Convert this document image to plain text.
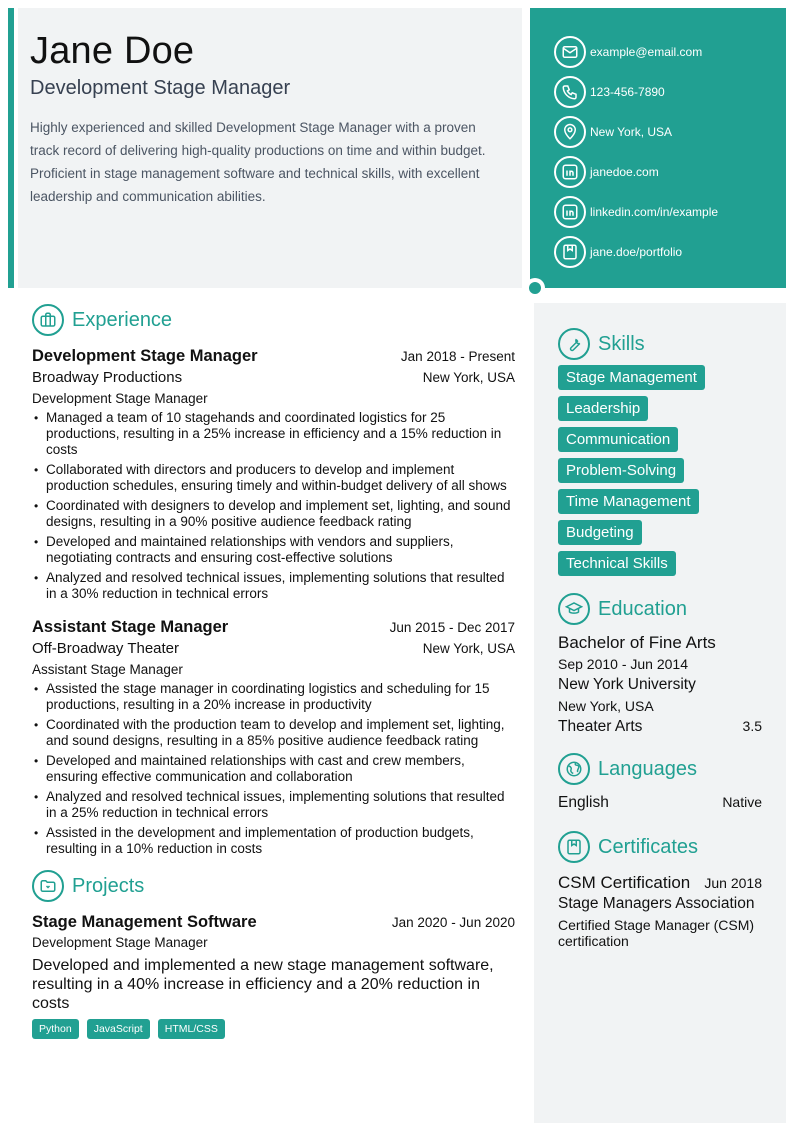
Jane Doe
Development Stage Manager
Highly experienced and skilled Development Stage Manager with a proven track record of delivering high-quality productions on time and within budget. Proficient in stage management software and technical skills, with excellent leadership and communication abilities.
example@email.com
123-456-7890
New York, USA
janedoe.com
linkedin.com/in/example
jane.doe/portfolio
Experience
Development Stage Manager	Jan 2018 - Present
Broadway Productions	New York, USA
Development Stage Manager
• Managed a team of 10 stagehands and coordinated logistics for 25 productions, resulting in a 25% increase in efficiency and a 15% reduction in costs
• Collaborated with directors and producers to develop and implement production schedules, ensuring timely and within-budget delivery of all shows
• Coordinated with designers to develop and implement set, lighting, and sound designs, resulting in a 90% positive audience feedback rating
• Developed and maintained relationships with vendors and suppliers, negotiating contracts and ensuring cost-effective solutions
• Analyzed and resolved technical issues, implementing solutions that resulted in a 30% reduction in technical errors
Assistant Stage Manager	Jun 2015 - Dec 2017
Off-Broadway Theater	New York, USA
Assistant Stage Manager
• Assisted the stage manager in coordinating logistics and scheduling for 15 productions, resulting in a 20% increase in productivity
• Coordinated with the production team to develop and implement set, lighting, and sound designs, resulting in a 85% positive audience feedback rating
• Developed and maintained relationships with cast and crew members, ensuring effective communication and collaboration
• Analyzed and resolved technical issues, implementing solutions that resulted in a 25% reduction in technical errors
• Assisted in the development and implementation of production budgets, resulting in a 10% reduction in costs
Projects
Stage Management Software	Jan 2020 - Jun 2020
Development Stage Manager
Developed and implemented a new stage management software, resulting in a 40% increase in efficiency and a 20% reduction in costs
Python	JavaScript	HTML/CSS
Skills
Stage Management
Leadership
Communication
Problem-Solving
Time Management
Budgeting
Technical Skills
Education
Bachelor of Fine Arts
Sep 2010 - Jun 2014
New York University
New York, USA
Theater Arts	3.5
Languages
English	Native
Certificates
CSM Certification Jun 2018
Stage Managers Association
Certified Stage Manager (CSM) certification
